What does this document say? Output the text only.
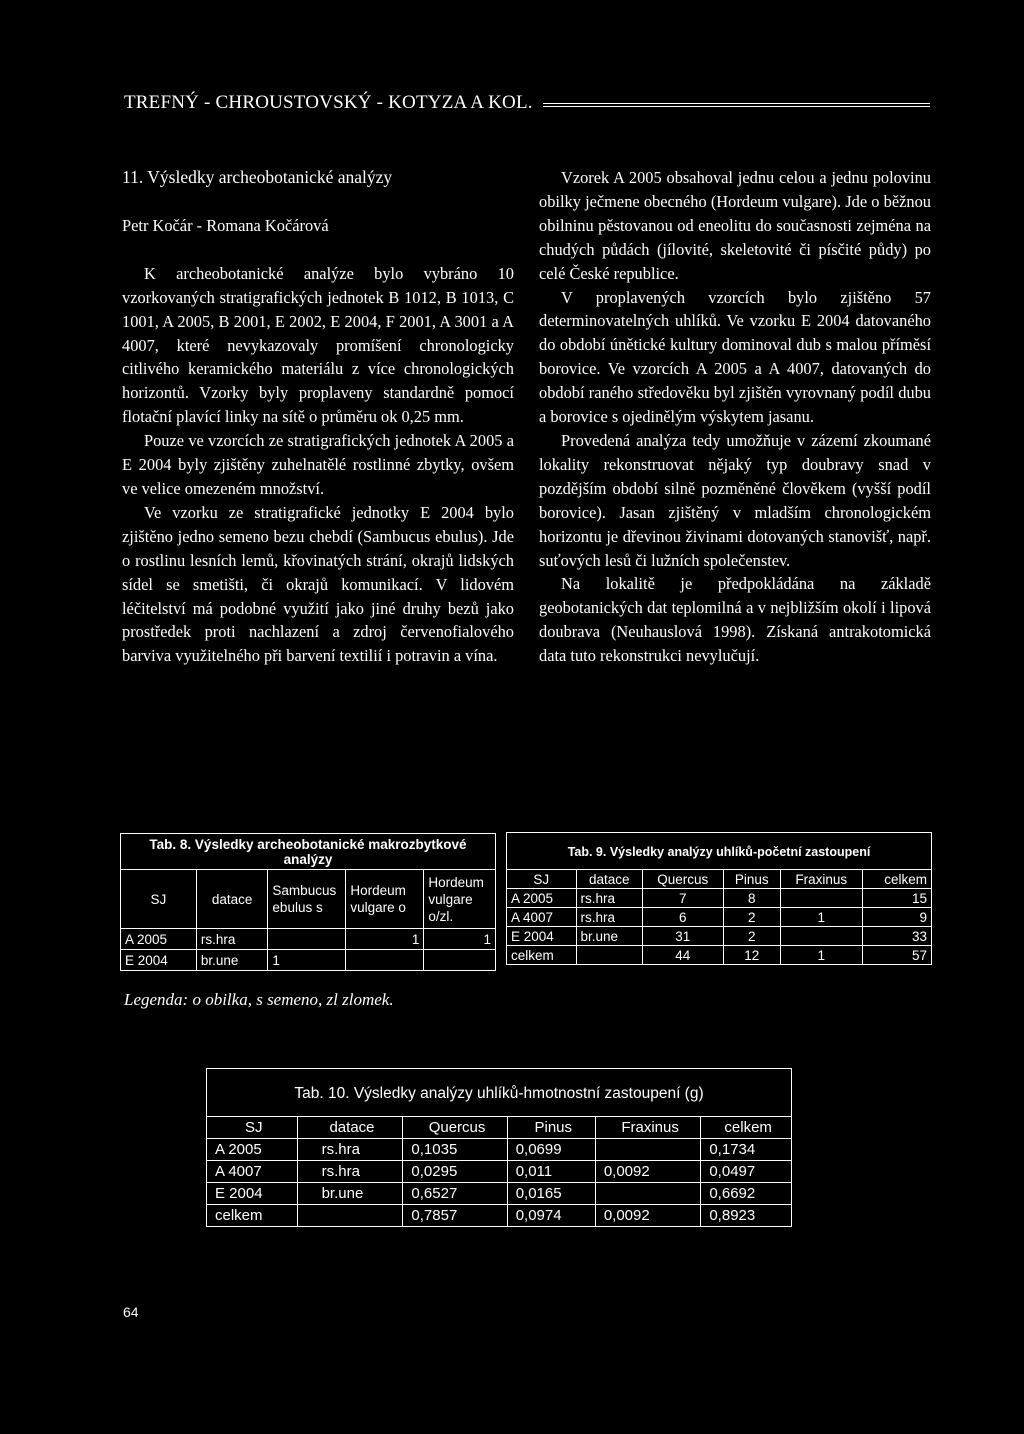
TREFNÝ - CHROUSTOVSKÝ - KOTYZA A KOL.

11. Výsledky archeobotanické analýzy

Petr Kočár - Romana Kočárová

K archeobotanické analýze bylo vybráno 10 vzorkovaných stratigrafických jednotek B 1012, B 1013, C 1001, A 2005, B 2001, E 2002, E 2004, F 2001, A 3001 a A 4007, které nevykazovaly promíšení chronologicky citlivého keramického materiálu z více chronologických horizontů. Vzorky byly proplaveny standardně pomocí flotační plavící linky na sítě o průměru ok 0,25 mm.

Pouze ve vzorcích ze stratigrafických jednotek A 2005 a E 2004 byly zjištěny zuhelnatělé rostlinné zbytky, ovšem ve velice omezeném množství.

Ve vzorku ze stratigrafické jednotky E 2004 bylo zjištěno jedno semeno bezu chebdí (Sambucus ebulus). Jde o rostlinu lesních lemů, křovinatých strání, okrajů lidských sídel se smetišti, či okrajů komunikací. V lidovém léčitelství má podobné využití jako jiné druhy bezů jako prostředek proti nachlazení a zdroj červenofialového barviva využitelného při barvení textilií i potravin a vína.

Vzorek A 2005 obsahoval jednu celou a jednu polovinu obilky ječmene obecného (Hordeum vulgare). Jde o běžnou obilninu pěstovanou od eneolitu do současnosti zejména na chudých půdách (jílovité, skeletovité či písčité půdy) po celé České republice.

V proplavených vzorcích bylo zjištěno 57 determinovatelných uhlíků. Ve vzorku E 2004 datovaného do období únětické kultury dominoval dub s malou příměsí borovice. Ve vzorcích A 2005 a A 4007, datovaných do období raného středověku byl zjištěn vyrovnaný podíl dubu a borovice s ojedinělým výskytem jasanu.

Provedená analýza tedy umožňuje v zázemí zkoumané lokality rekonstruovat nějaký typ doubravy snad v pozdějším období silně pozměněné člověkem (vyšší podíl borovice). Jasan zjištěný v mladším chronologickém horizontu je dřevinou živinami dotovaných stanovišť, např. suťových lesů či lužních společenstev.

Na lokalitě je předpokládána na základě geobotanických dat teplomilná a v nejbližším okolí i lipová doubrava (Neuhauslová 1998). Získaná antrakotomická data tuto rekonstrukci nevylučují.

Tab. 8. Výsledky archeobotanické makrozbytkové analýzy				
SJ	datace	Sambucus ebulus s	Hordeum vulgare o	Hordeum vulgare o/zl.
A 2005	rs.hra		1	1
E 2004	br.une	1		
Tab. 9. Výsledky analýzy uhlíků-početní zastoupení					
SJ	datace	Quercus	Pinus	Fraxinus	celkem
A 2005	rs.hra	7	8		15
A 4007	rs.hra	6	2	1	9
E 2004	br.une	31	2		33
celkem		44	12	1	57
Legenda: o obilka, s semeno, zl zlomek.
Tab. 10. Výsledky analýzy uhlíků-hmotnostní zastoupení (g)					
SJ	datace	Quercus	Pinus	Fraxinus	celkem
A 2005	rs.hra	0,1035	0,0699		0,1734
A 4007	rs.hra	0,0295	0,011	0,0092	0,0497
E 2004	br.une	0,6527	0,0165		0,6692
celkem		0,7857	0,0974	0,0092	0,8923
64
